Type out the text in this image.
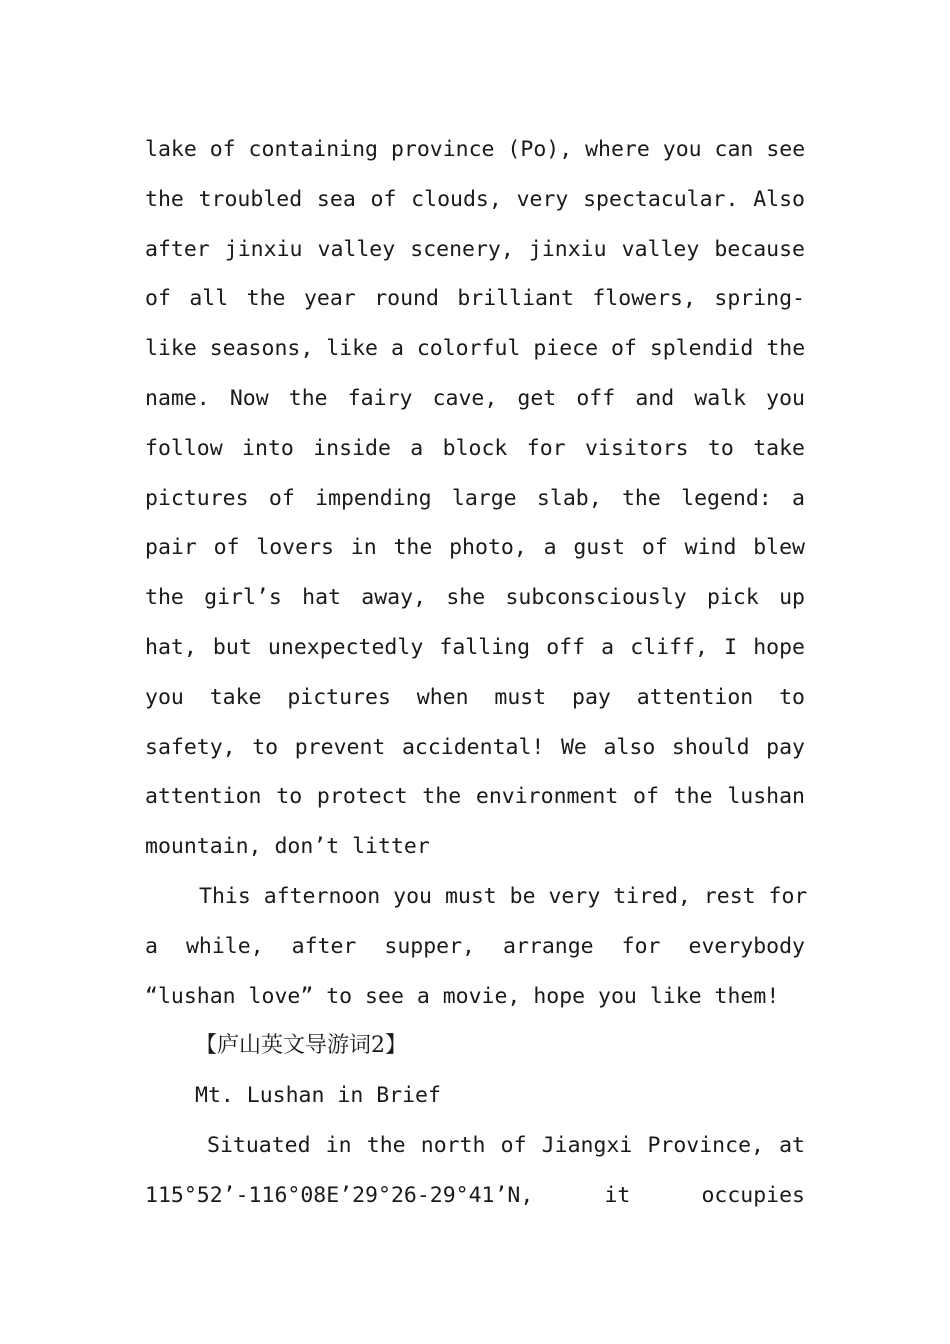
lake of containing province (Po), where you can see
the troubled sea of clouds, very spectacular. Also
after jinxiu valley scenery, jinxiu valley because
of all the year round brilliant flowers, spring-
like seasons, like a colorful piece of splendid the
name. Now the fairy cave, get off and walk you
follow into inside a block for visitors to take
pictures of impending large slab, the legend: a
pair of lovers in the photo, a gust of wind blew
the girl’s hat away, she subconsciously pick up
hat, but unexpectedly falling off a cliff, I hope
you take pictures when must pay attention to
safety, to prevent accidental! We also should pay
attention to protect the environment of the lushan
mountain, don’t litter

This afternoon you must be very tired, rest for
a while, after supper, arrange for everybody
“lushan love” to see a movie, hope you like them!

【庐山英文导游词2】

Mt. Lushan in Brief

Situated in the north of Jiangxi Province, at
115°52’-116°08E’29°26-29°41’N, it occupies
